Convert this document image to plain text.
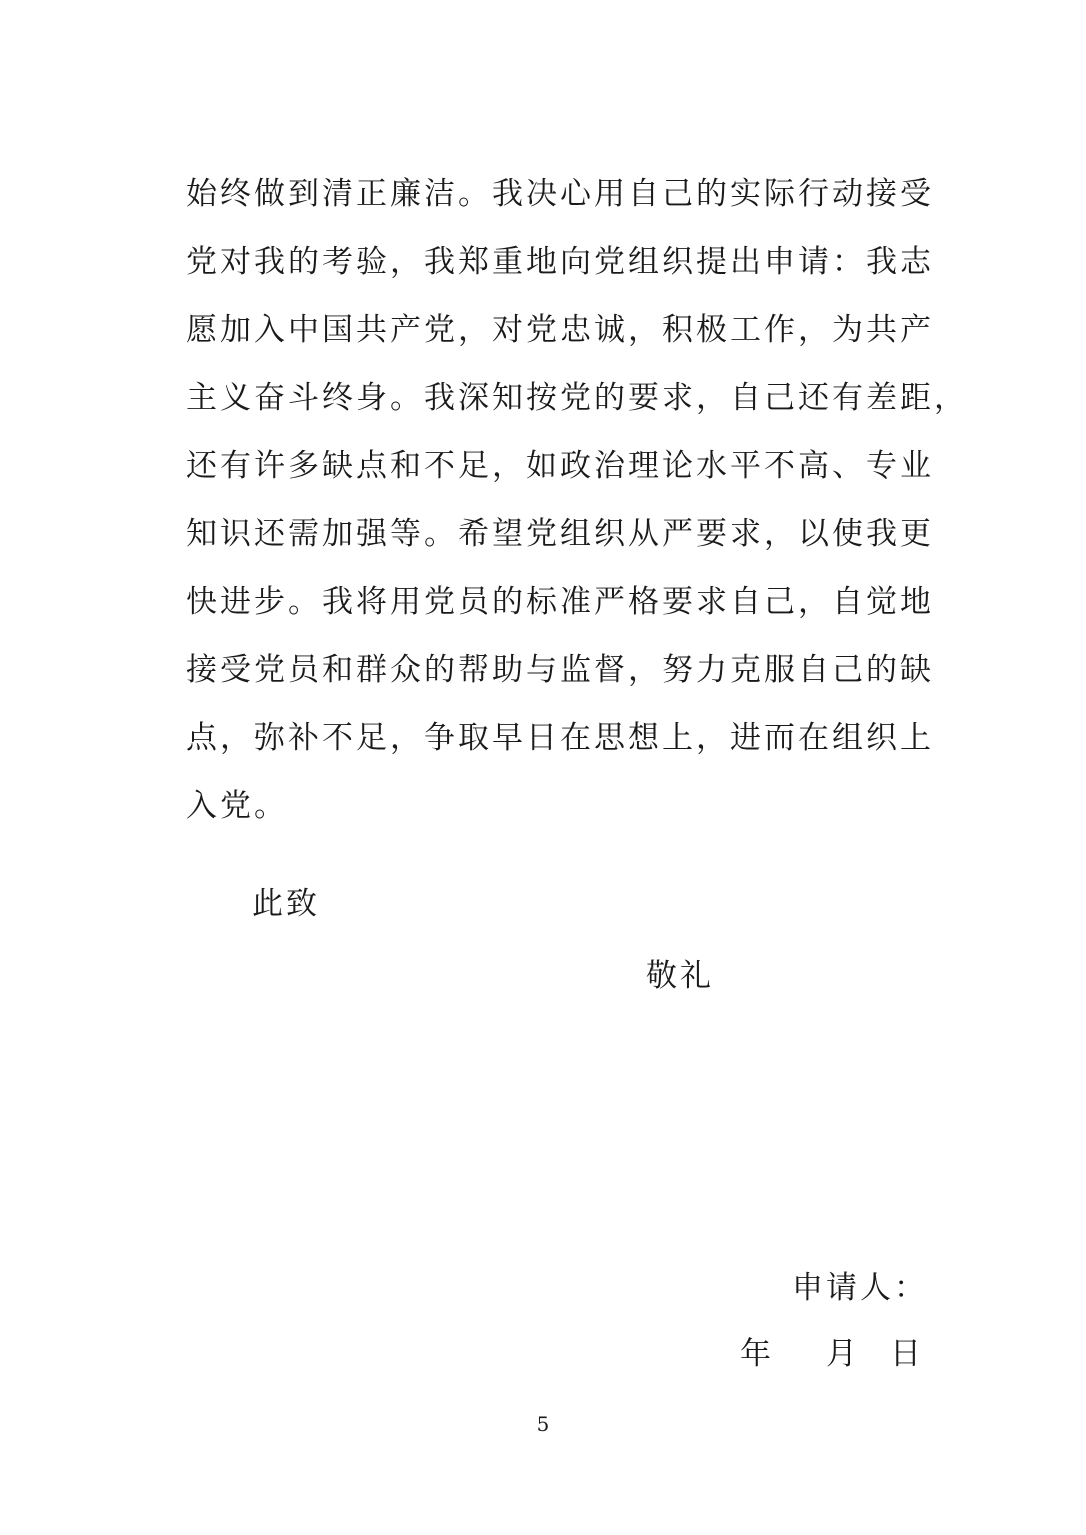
始终做到清正廉洁。我决心用自己的实际行动接受
党对我的考验，我郑重地向党组织提出申请：我志
愿加入中国共产党，对党忠诚，积极工作，为共产
主义奋斗终身。我深知按党的要求，自己还有差距，
还有许多缺点和不足，如政治理论水平不高、专业
知识还需加强等。希望党组织从严要求，以使我更
快进步。我将用党员的标准严格要求自己，自觉地
接受党员和群众的帮助与监督，努力克服自己的缺
点，弥补不足，争取早日在思想上，进而在组织上
入党。
此致
敬礼
申请人：
年 月 日
5
